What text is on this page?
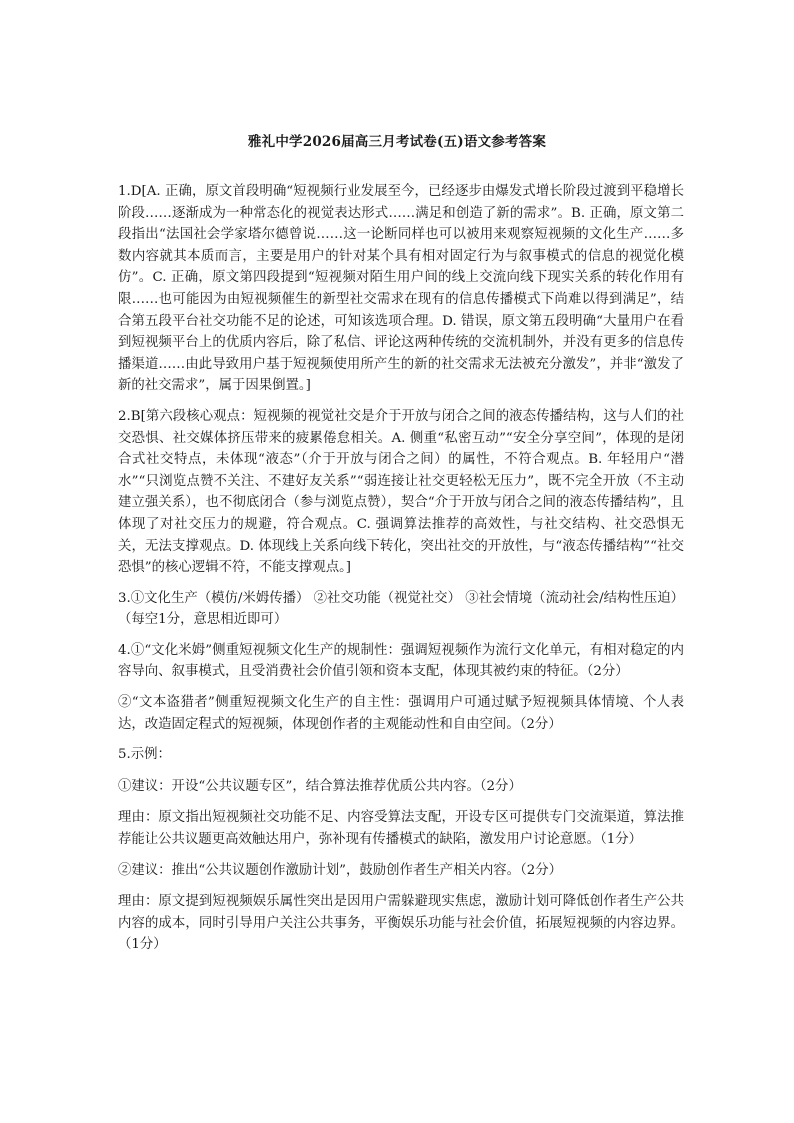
雅礼中学2026届高三月考试卷(五)语文参考答案

1.D[A. 正确，原文首段明确“短视频行业发展至今，已经逐步由爆发式增长阶段过渡到平稳增长阶段……逐渐成为一种常态化的视觉表达形式……满足和创造了新的需求”。B. 正确，原文第二段指出“法国社会学家塔尔德曾说……这一论断同样也可以被用来观察短视频的文化生产……多数内容就其本质而言，主要是用户的针对某个具有相对固定行为与叙事模式的信息的视觉化模仿”。C. 正确，原文第四段提到“短视频对陌生用户间的线上交流向线下现实关系的转化作用有限……也可能因为由短视频催生的新型社交需求在现有的信息传播模式下尚难以得到满足”，结合第五段平台社交功能不足的论述，可知该选项合理。D. 错误，原文第五段明确“大量用户在看到短视频平台上的优质内容后，除了私信、评论这两种传统的交流机制外，并没有更多的信息传播渠道……由此导致用户基于短视频使用所产生的新的社交需求无法被充分激发”，并非“激发了新的社交需求”，属于因果倒置。]

2.B[第六段核心观点：短视频的视觉社交是介于开放与闭合之间的液态传播结构，这与人们的社交恐惧、社交媒体挤压带来的疲累倦怠相关。A. 侧重“私密互动”“安全分享空间”，体现的是闭合式社交特点，未体现“液态”（介于开放与闭合之间）的属性，不符合观点。B. 年轻用户“潜水”“只浏览点赞不关注、不建好友关系”“弱连接让社交更轻松无压力”，既不完全开放（不主动建立强关系），也不彻底闭合（参与浏览点赞），契合“介于开放与闭合之间的液态传播结构”，且体现了对社交压力的规避，符合观点。C. 强调算法推荐的高效性，与社交结构、社交恐惧无关，无法支撑观点。D. 体现线上关系向线下转化，突出社交的开放性，与“液态传播结构”“社交恐惧”的核心逻辑不符，不能支撑观点。]

3.①文化生产（模仿/米姆传播） ②社交功能（视觉社交） ③社会情境（流动社会/结构性压迫）（每空1分，意思相近即可）

4.①“文化米姆”侧重短视频文化生产的规制性：强调短视频作为流行文化单元，有相对稳定的内容导向、叙事模式，且受消费社会价值引领和资本支配，体现其被约束的特征。（2分）

②“文本盗猎者”侧重短视频文化生产的自主性：强调用户可通过赋予短视频具体情境、个人表达，改造固定程式的短视频，体现创作者的主观能动性和自由空间。（2分）

5.示例：

①建议：开设“公共议题专区”，结合算法推荐优质公共内容。（2分）

理由：原文指出短视频社交功能不足、内容受算法支配，开设专区可提供专门交流渠道，算法推荐能让公共议题更高效触达用户，弥补现有传播模式的缺陷，激发用户讨论意愿。（1分）

②建议：推出“公共议题创作激励计划”，鼓励创作者生产相关内容。（2分）

理由：原文提到短视频娱乐属性突出是因用户需躲避现实焦虑，激励计划可降低创作者生产公共内容的成本，同时引导用户关注公共事务，平衡娱乐功能与社会价值，拓展短视频的内容边界。（1分）
